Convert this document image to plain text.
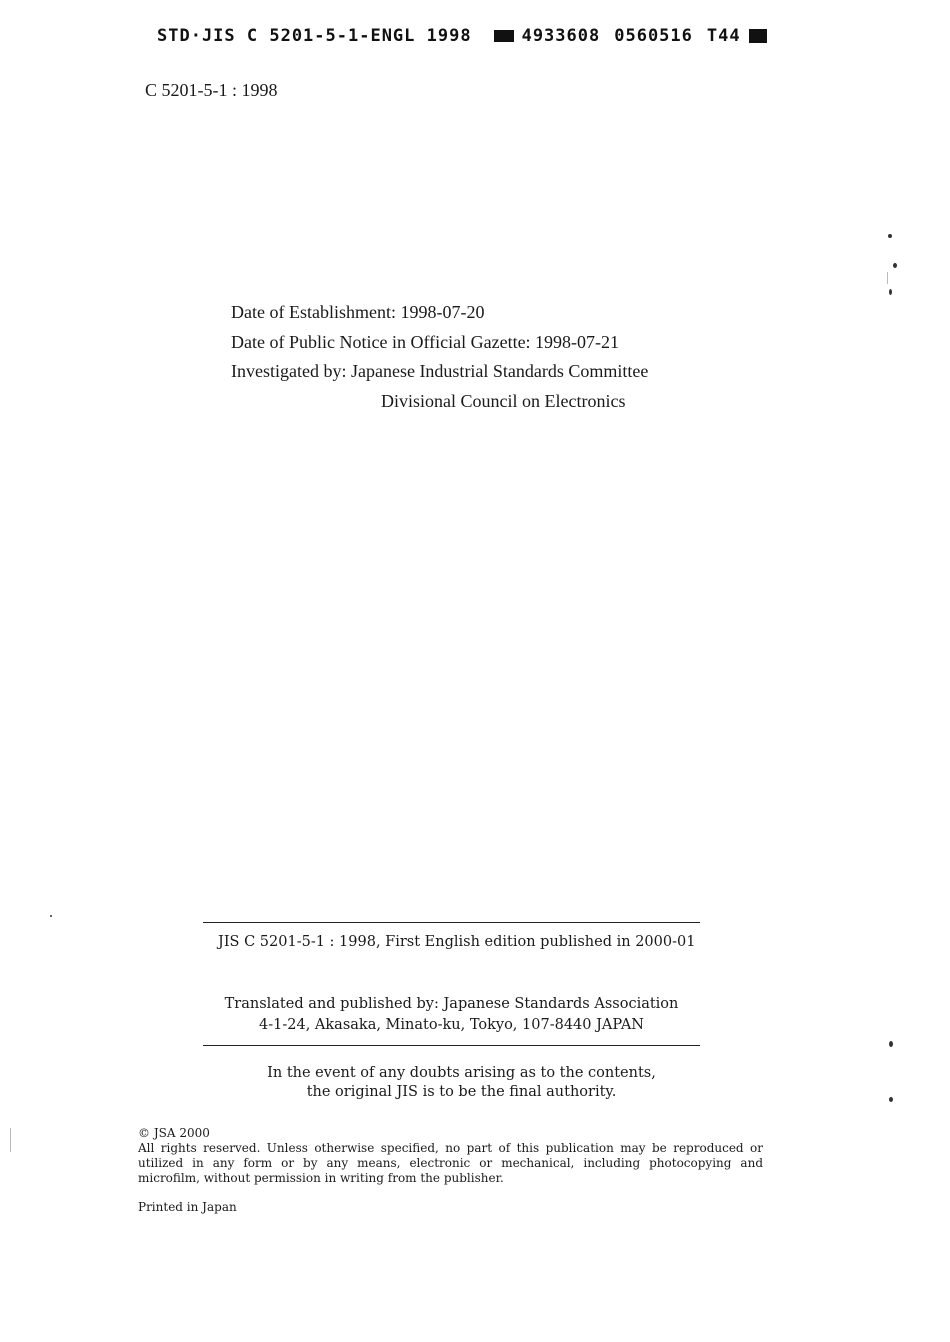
STD·JIS C 5201-5-1-ENGL 1998	4933608 0560516 T44
C 5201-5-1 : 1998
Date of Establishment: 1998-07-20
Date of Public Notice in Official Gazette: 1998-07-21
Investigated by: Japanese Industrial Standards Committee
Divisional Council on Electronics
JIS C 5201-5-1 : 1998, First English edition published in 2000-01
Translated and published by: Japanese Standards Association
4-1-24, Akasaka, Minato-ku, Tokyo, 107-8440 JAPAN
In the event of any doubts arising as to the contents,
the original JIS is to be the final authority.
© JSA 2000
All rights reserved. Unless otherwise specified, no part of this publication may be reproduced or
utilized in any form or by any means, electronic or mechanical, including photocopying and
microfilm, without permission in writing from the publisher.
Printed in Japan
